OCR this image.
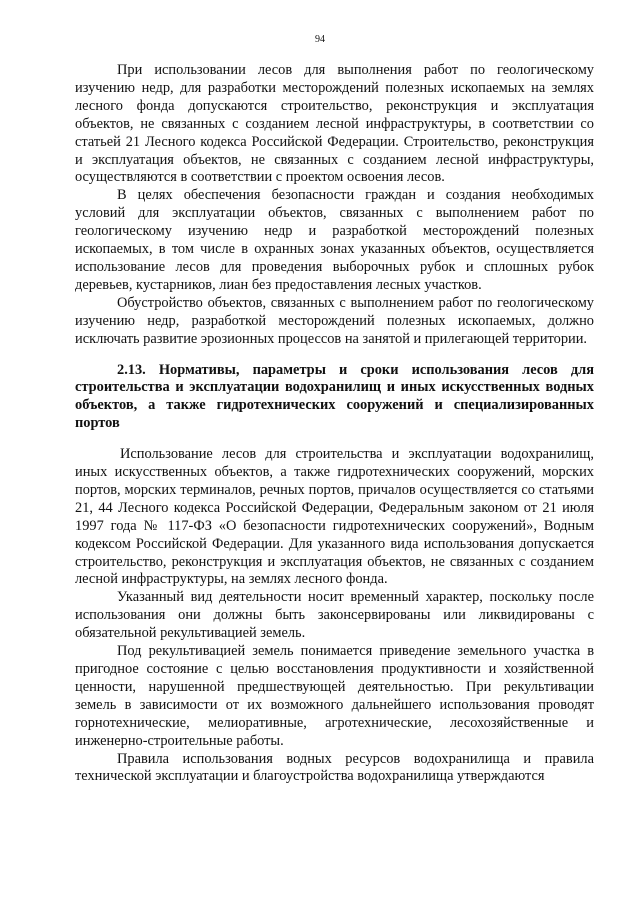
94

При использовании лесов для выполнения работ по геологическому изучению недр, для разработки месторождений полезных ископаемых на землях лесного фонда допускаются строительство, реконструкция и эксплуатация объектов, не связанных с созданием лесной инфраструктуры, в соответствии со статьей 21 Лесного кодекса Российской Федерации. Строительство, реконструкция и эксплуатация объектов, не связанных с созданием лесной инфраструктуры, осуществляются в соответствии с проектом освоения лесов.

В целях обеспечения безопасности граждан и создания необходимых условий для эксплуатации объектов, связанных с выполнением работ по геологическому изучению недр и разработкой месторождений полезных ископаемых, в том числе в охранных зонах указанных объектов, осуществляется использование лесов для проведения выборочных рубок и сплошных рубок деревьев, кустарников, лиан без предоставления лесных участков.

Обустройство объектов, связанных с выполнением работ по геологическому изучению недр, разработкой месторождений полезных ископаемых, должно исключать развитие эрозионных процессов на занятой и прилегающей территории.

2.13. Нормативы, параметры и сроки использования лесов для строительства и эксплуатации водохранилищ и иных искусственных водных объектов, а также гидротехнических сооружений и специализированных портов

Использование лесов для строительства и эксплуатации водохранилищ, иных искусственных объектов, а также гидротехнических сооружений, морских портов, морских терминалов, речных портов, причалов осуществляется со статьями 21, 44 Лесного кодекса Российской Федерации, Федеральным законом от 21 июля 1997 года № 117-ФЗ «О безопасности гидротехнических сооружений», Водным кодексом Российской Федерации. Для указанного вида использования допускается строительство, реконструкция и эксплуатация объектов, не связанных с созданием лесной инфраструктуры, на землях лесного фонда.

Указанный вид деятельности носит временный характер, поскольку после использования они должны быть законсервированы или ликвидированы с обязательной рекультивацией земель.

Под рекультивацией земель понимается приведение земельного участка в пригодное состояние с целью восстановления продуктивности и хозяйственной ценности, нарушенной предшествующей деятельностью. При рекультивации земель в зависимости от их возможного дальнейшего использования проводят горнотехнические, мелиоративные, агротехнические, лесохозяйственные и инженерно-строительные работы.

Правила использования водных ресурсов водохранилища и правила технической эксплуатации и благоустройства водохранилища утверждаются
